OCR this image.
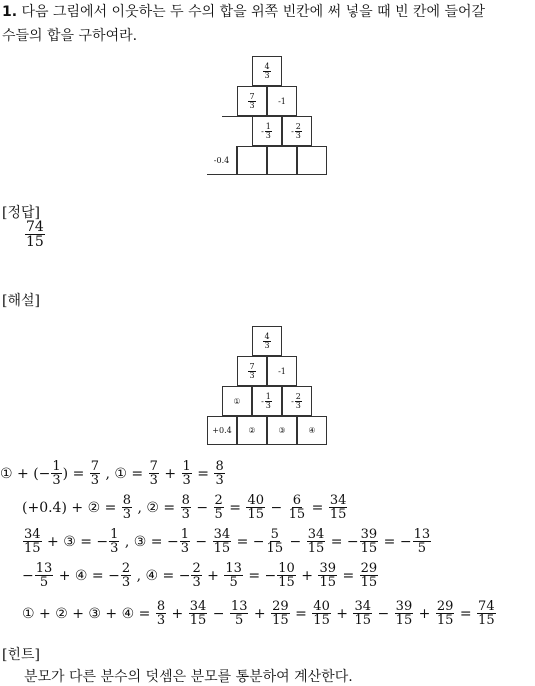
1. 다음 그림에서 이웃하는 두 수의 합을 위쪽 빈칸에 써 넣을 때 빈 칸에 들어갈
수들의 합을 구하여라.
$\frac{4}{3}$
$\frac{7}{3}$	-1
- $\frac{1}{3} - \frac{2}{3}$
-0.4
[정답]
$\frac{74}{15}$
[해설]
$\frac{4}{3}$
$\frac{7}{3}$	-1
①	- $\frac{1}{3} - \frac{2}{3}$
+0.4	②	③	④
① + (− $\frac{1}{3}$ ) = $\frac{7}{3}$ , ① = $\frac{7}{3} + \frac{1}{3} = \frac{8}{3}$
(+0.4) + ② = $\frac{8}{3}$ , ② = $\frac{8}{3} - \frac{2}{5} = \frac{40}{15} - \frac{6}{15} = \frac{34}{15}$
$\frac{34}{15}$ + ③ = − $\frac{1}{3}$ , ③ = − $\frac{1}{3} - \frac{34}{15}$ = − $\frac{5}{15} - \frac{34}{15}$ = − $\frac{39}{15}$ = − $\frac{13}{5}$
− $\frac{13}{5}$ + ④ = − $\frac{2}{3}$ , ④ = − $\frac{2}{3} + \frac{13}{5}$ = − $\frac{10}{15} + \frac{39}{15} = \frac{29}{15}$
① + ② + ③ + ④ = $\frac{8}{3} + \frac{34}{15} - \frac{13}{5} + \frac{29}{15} = \frac{40}{15} + \frac{34}{15} - \frac{39}{15} + \frac{29}{15} = \frac{74}{15}$
[힌트]
분모가 다른 분수의 덧셈은 분모를 통분하여 계산한다.
